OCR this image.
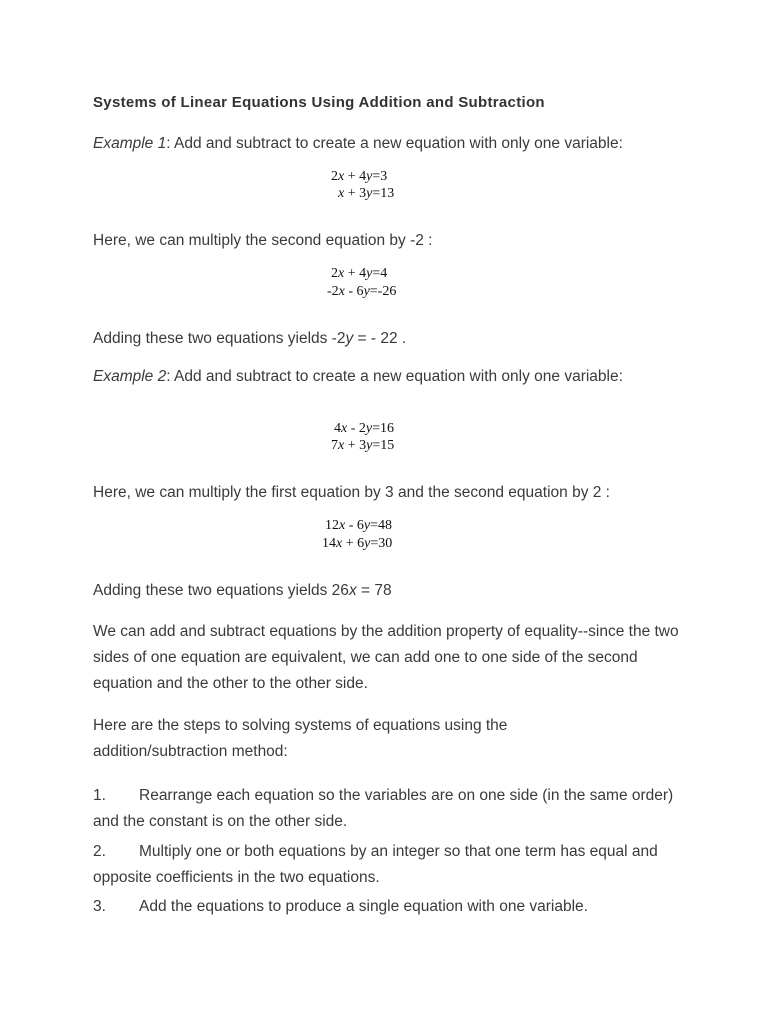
Systems of Linear Equations Using Addition and Subtraction
Example 1: Add and subtract to create a new equation with only one variable:
2x + 4y=3
x + 3y=13
Here, we can multiply the second equation by -2 :
2x + 4y=4
-2x - 6y=-26
Adding these two equations yields -2y = - 22 .
Example 2: Add and subtract to create a new equation with only one variable:
4x - 2y=16
7x + 3y=15
Here, we can multiply the first equation by 3 and the second equation by 2 :
12x - 6y=48
14x + 6y=30
Adding these two equations yields 26x = 78
We can add and subtract equations by the addition property of equality--since the two sides of one equation are equivalent, we can add one to one side of the second equation and the other to the other side.
Here are the steps to solving systems of equations using the addition/subtraction method:
1. Rearrange each equation so the variables are on one side (in the same order) and the constant is on the other side.
2. Multiply one or both equations by an integer so that one term has equal and opposite coefficients in the two equations.
3. Add the equations to produce a single equation with one variable.
